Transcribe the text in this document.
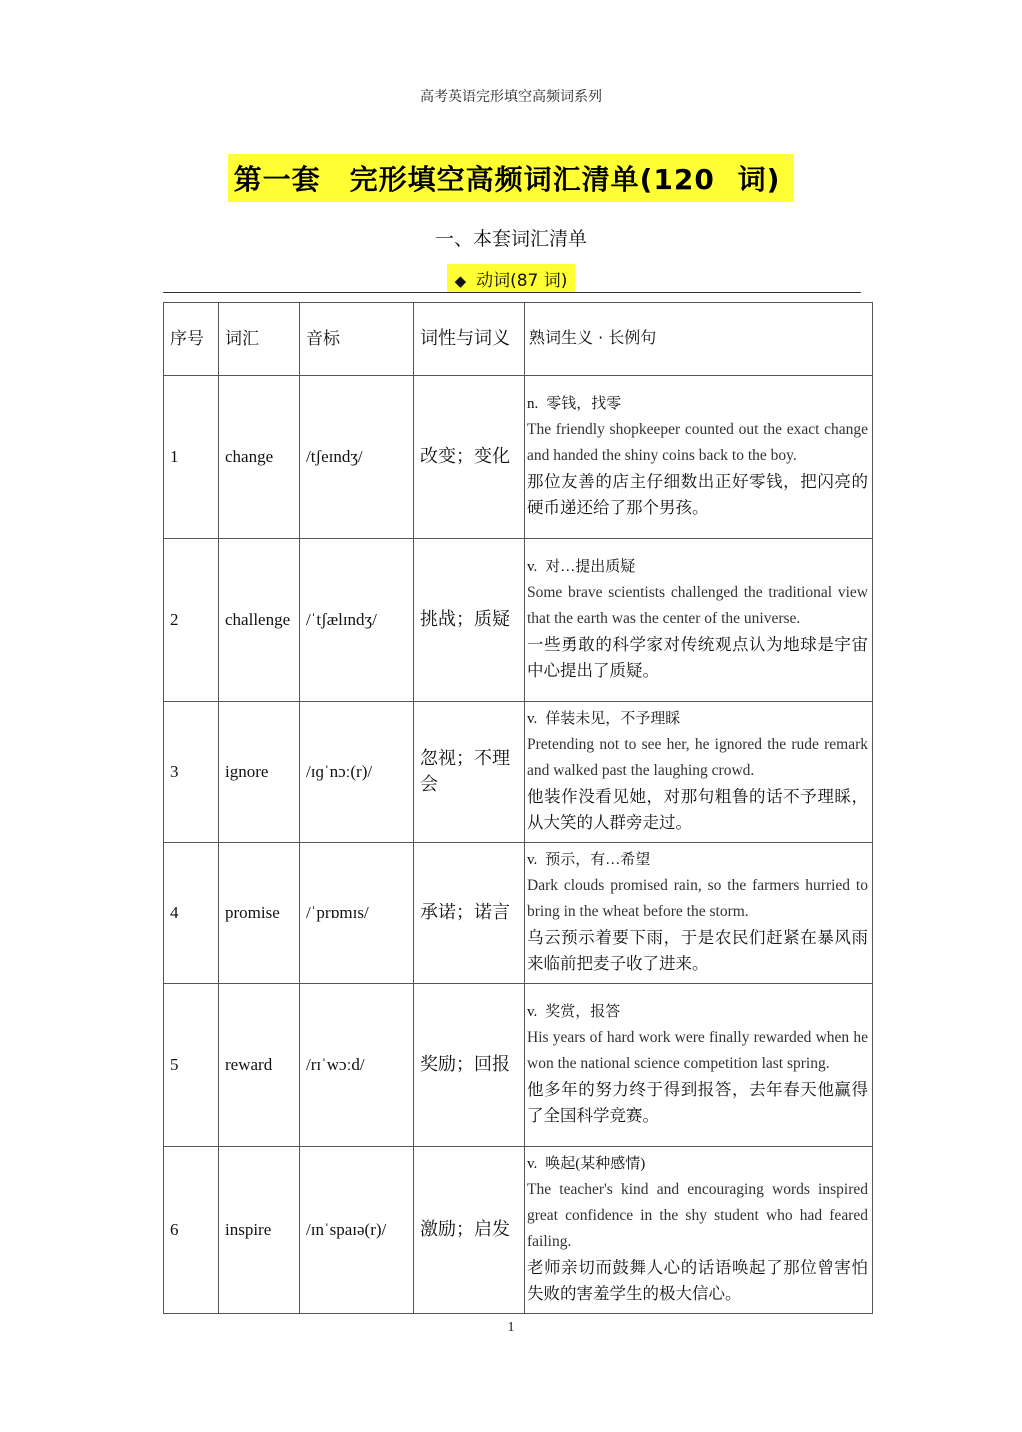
高考英语完形填空高频词系列
第一套　完形填空高频词汇清单(120 词)
一、本套词汇清单
◆ 动词(87 词)
序号	词汇	音标	词性与词义	熟词生义 · 长例句
1	change	/tʃeɪndʒ/	改变；变化	n. 零钱，找零
The friendly shopkeeper counted out the exact change and handed the shiny coins back to the boy.
那位友善的店主仔细数出正好零钱，把闪亮的硬币递还给了那个男孩。

2	challenge	/ˈtʃælɪndʒ/	挑战；质疑	v. 对…提出质疑
Some brave scientists challenged the traditional view that the earth was the center of the universe.
一些勇敢的科学家对传统观点认为地球是宇宙中心提出了质疑。

3	ignore	/ɪɡˈnɔː(r)/	忽视；不理会	v. 佯装未见，不予理睬
Pretending not to see her, he ignored the rude remark and walked past the laughing crowd.
他装作没看见她，对那句粗鲁的话不予理睬，从大笑的人群旁走过。

4	promise	/ˈprɒmɪs/	承诺；诺言	v. 预示，有…希望
Dark clouds promised rain, so the farmers hurried to bring in the wheat before the storm.
乌云预示着要下雨，于是农民们赶紧在暴风雨来临前把麦子收了进来。

5	reward	/rɪˈwɔːd/	奖励；回报	v. 奖赏，报答
His years of hard work were finally rewarded when he won the national science competition last spring.
他多年的努力终于得到报答，去年春天他赢得了全国科学竞赛。

6	inspire	/ɪnˈspaɪə(r)/	激励；启发	v. 唤起(某种感情)
The teacher's kind and encouraging words inspired great confidence in the shy student who had feared failing.
老师亲切而鼓舞人心的话语唤起了那位曾害怕失败的害羞学生的极大信心。
1
